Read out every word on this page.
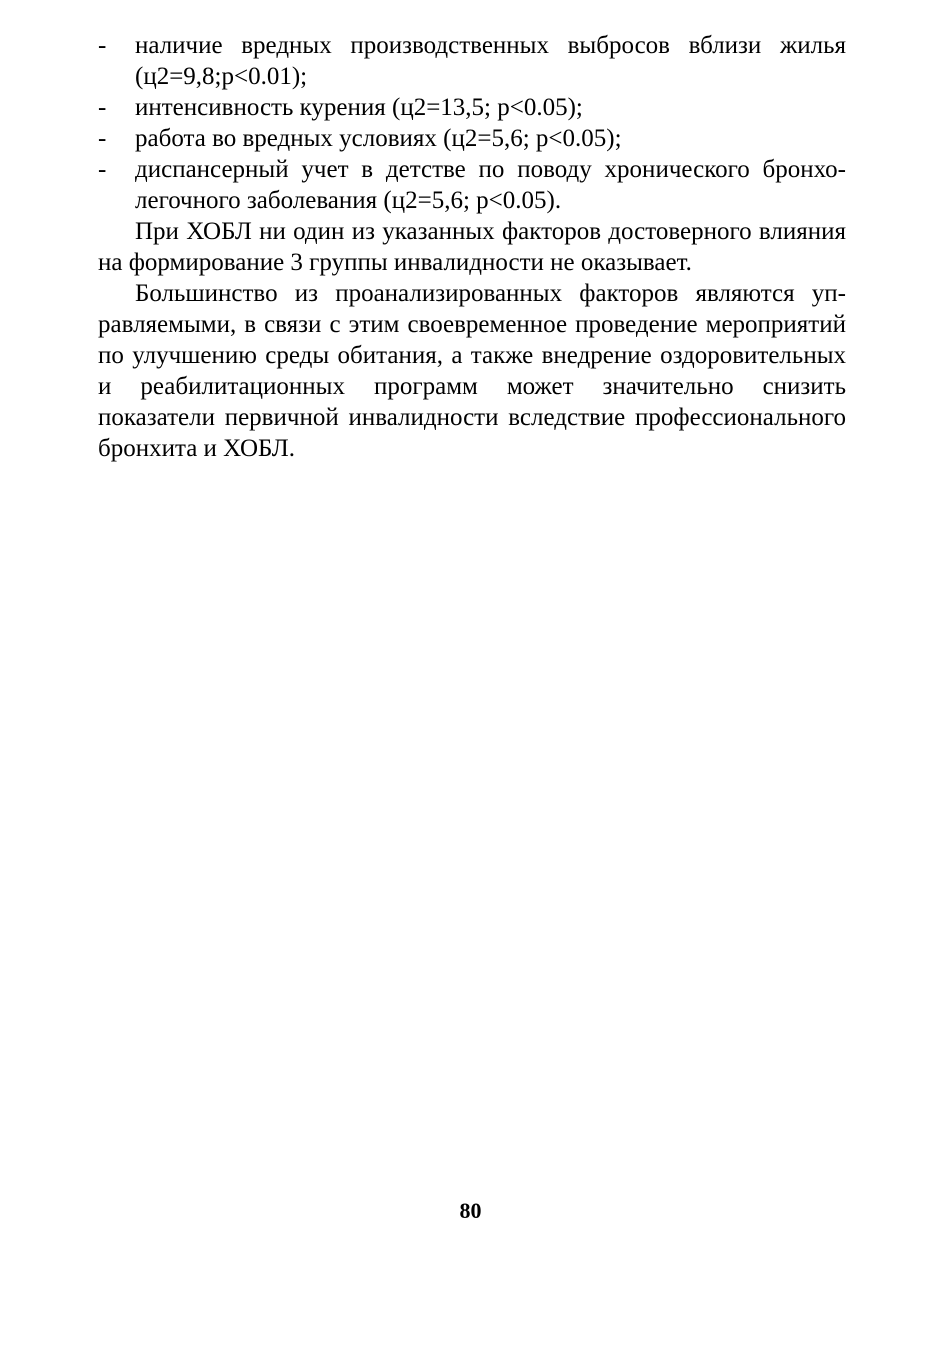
- наличие вредных производственных выбросов вблизи жилья (ц2=9,8;p<0.01);
- интенсивность курения (ц2=13,5; p<0.05);
- работа во вредных условиях (ц2=5,6; p<0.05);
- диспансерный учет в детстве по поводу хронического бронхолегочного заболевания (ц2=5,6; p<0.05).

При ХОБЛ ни один из указанных факторов достоверного влияния на формирование 3 группы инвалидности не оказывает.

Большинство из проанализированных факторов являются управляемыми, в связи с этим своевременное проведение мероприятий по улучшению среды обитания, а также внедрение оздоровительных и реабилитационных программ может значительно снизить показатели первичной инвалидности вследствие профессионального бронхита и ХОБЛ.

80
